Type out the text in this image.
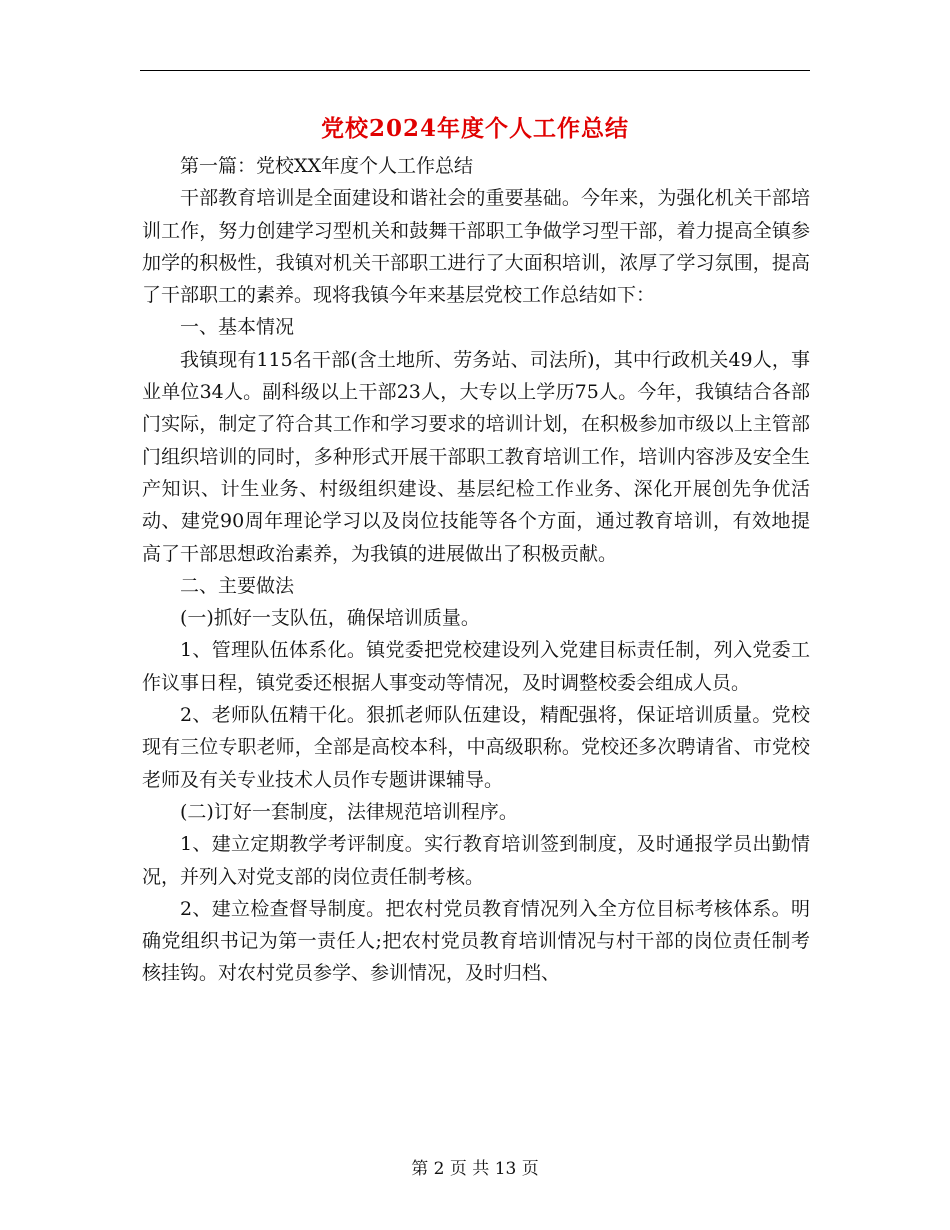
党校2024年度个人工作总结

第一篇：党校XX年度个人工作总结

干部教育培训是全面建设和谐社会的重要基础。今年来，为强化机关干部培训工作，努力创建学习型机关和鼓舞干部职工争做学习型干部，着力提高全镇参加学的积极性，我镇对机关干部职工进行了大面积培训，浓厚了学习氛围，提高了干部职工的素养。现将我镇今年来基层党校工作总结如下：

一、基本情况

我镇现有115名干部(含土地所、劳务站、司法所)，其中行政机关49人，事业单位34人。副科级以上干部23人，大专以上学历75人。今年，我镇结合各部门实际，制定了符合其工作和学习要求的培训计划，在积极参加市级以上主管部门组织培训的同时，多种形式开展干部职工教育培训工作，培训内容涉及安全生产知识、计生业务、村级组织建设、基层纪检工作业务、深化开展创先争优活动、建党90周年理论学习以及岗位技能等各个方面，通过教育培训，有效地提高了干部思想政治素养，为我镇的进展做出了积极贡献。

二、主要做法

(一)抓好一支队伍，确保培训质量。

1、管理队伍体系化。镇党委把党校建设列入党建目标责任制，列入党委工作议事日程，镇党委还根据人事变动等情况，及时调整校委会组成人员。

2、老师队伍精干化。狠抓老师队伍建设，精配强将，保证培训质量。党校现有三位专职老师，全部是高校本科，中高级职称。党校还多次聘请省、市党校老师及有关专业技术人员作专题讲课辅导。

(二)订好一套制度，法律规范培训程序。

1、建立定期教学考评制度。实行教育培训签到制度，及时通报学员出勤情况，并列入对党支部的岗位责任制考核。

2、建立检查督导制度。把农村党员教育情况列入全方位目标考核体系。明确党组织书记为第一责任人;把农村党员教育培训情况与村干部的岗位责任制考核挂钩。对农村党员参学、参训情况，及时归档、

第 2 页 共 13 页
